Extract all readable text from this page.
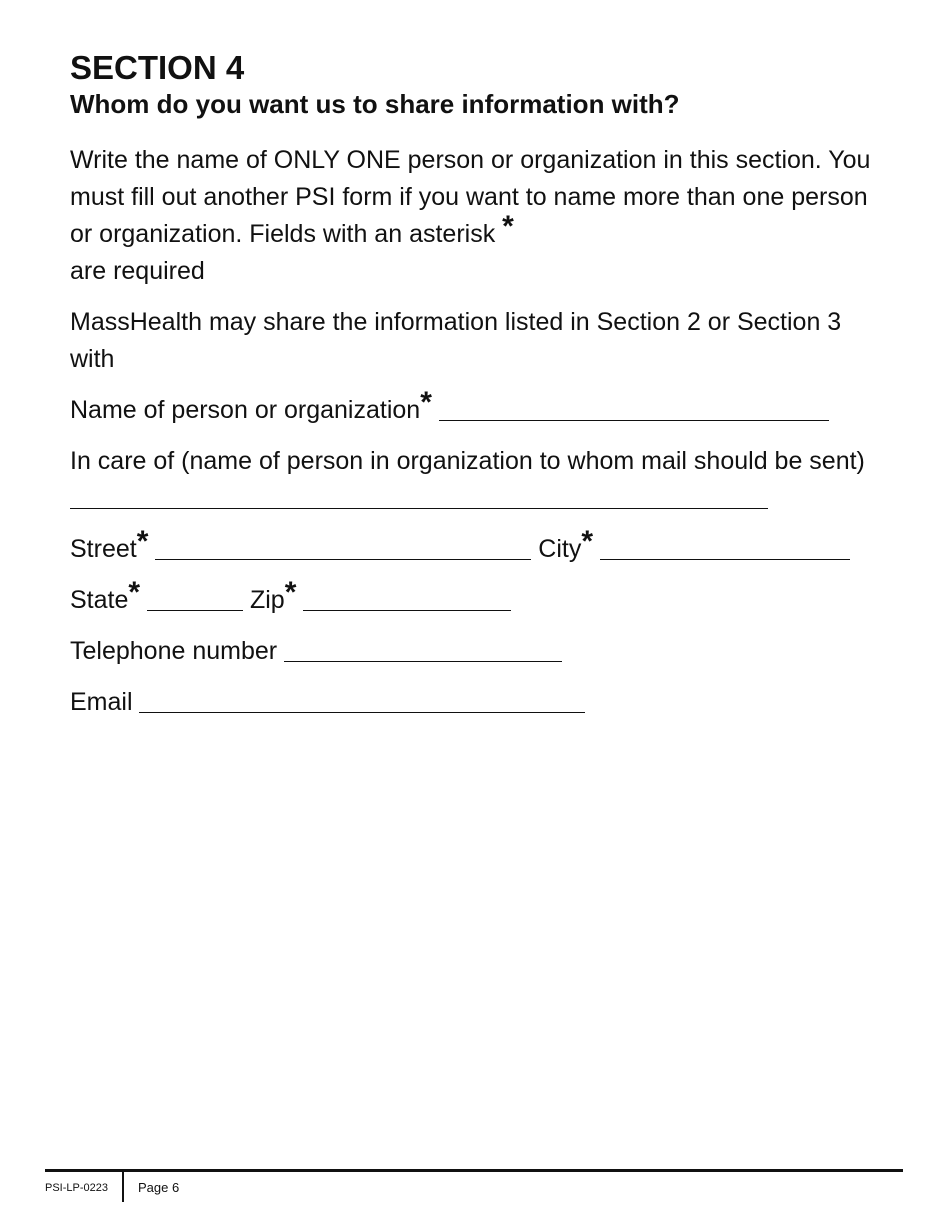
SECTION 4
Whom do you want us to share information with?
Write the name of ONLY ONE person or organization in this section. You must fill out another PSI form if you want to name more than one person or organization. Fields with an asterisk *
are required
MassHealth may share the information listed in Section 2 or Section 3 with
Name of person or organization*
In care of (name of person in organization to whom mail should be sent)
Street*	City*
State*	Zip*
Telephone number
Email
PSI-LP-0223	Page 6
